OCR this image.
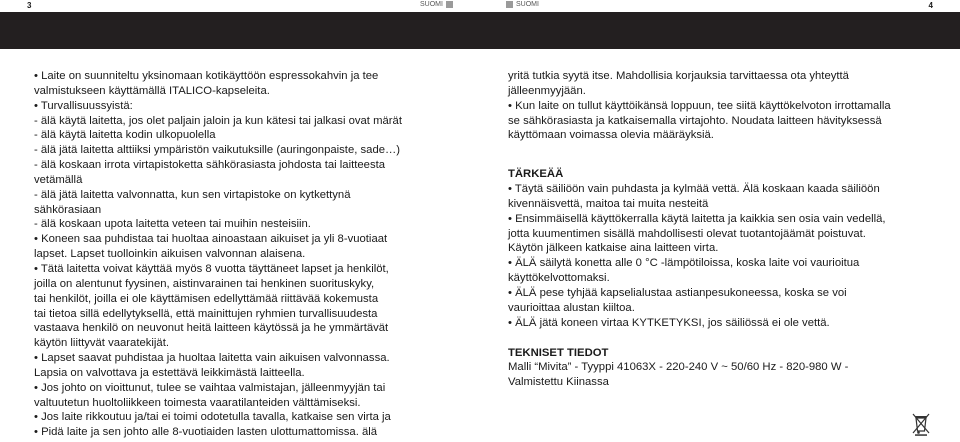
3	SUOMI	SUOMI	4
• Laite on suunniteltu yksinomaan kotikäyttöön espressokahvin ja tee
valmistukseen käyttämällä ITALICO-kapseleita.
• Turvallisuussyistä:
- älä käytä laitetta, jos olet paljain jaloin ja kun kätesi tai jalkasi ovat märät
- älä käytä laitetta kodin ulkopuolella
- älä jätä laitetta alttiiksi ympäristön vaikutuksille (auringonpaiste, sade…)
- älä koskaan irrota virtapistoketta sähkörasiasta johdosta tai laitteesta
vetämällä
- älä jätä laitetta valvonnatta, kun sen virtapistoke on kytkettynä
sähkörasiaan
- älä koskaan upota laitetta veteen tai muihin nesteisiin.
• Koneen saa puhdistaa tai huoltaa ainoastaan aikuiset ja yli 8-vuotiaat
lapset. Lapset tuolloinkin aikuisen valvonnan alaisena.
• Tätä laitetta voivat käyttää myös 8 vuotta täyttäneet lapset ja henkilöt,
joilla on alentunut fyysinen, aistinvarainen tai henkinen suorituskyky,
tai henkilöt, joilla ei ole käyttämisen edellyttämää riittävää kokemusta
tai tietoa sillä edellytyksellä, että mainittujen ryhmien turvallisuudesta
vastaava henkilö on neuvonut heitä laitteen käytössä ja he ymmärtävät
käytön liittyvät vaaratekijät.
• Lapset saavat puhdistaa ja huoltaa laitetta vain aikuisen valvonnassa.
Lapsia on valvottava ja estettävä leikkimästä laitteella.
• Jos johto on vioittunut, tulee se vaihtaa valmistajan, jälleenmyyjän tai
valtuutetun huoltoliikkeen toimesta vaaratilanteiden välttämiseksi.
• Jos laite rikkoutuu ja/tai ei toimi odotetulla tavalla, katkaise sen virta ja
• Pidä laite ja sen johto alle 8-vuotiaiden lasten ulottumattomissa. älä
yritä tutkia syytä itse. Mahdollisia korjauksia tarvittaessa ota yhteyttä
jälleenmyyjään.
• Kun laite on tullut käyttöikänsä loppuun, tee siitä käyttökelvoton irrottamalla
se sähkörasiasta ja katkaisemalla virtajohto. Noudata laitteen hävityksessä
käyttömaan voimassa olevia määräyksiä.
TÄRKEÄÄ
• Täytä säiliöön vain puhdasta ja kylmää vettä. Älä koskaan kaada säiliöön
kivennäisvettä, maitoa tai muita nesteitä
• Ensimmäisellä käyttökerralla käytä laitetta ja kaikkia sen osia vain vedellä,
jotta kuumentimen sisällä mahdollisesti olevat tuotantojäämät poistuvat.
Käytön jälkeen katkaise aina laitteen virta.
• ÄLÄ säilytä konetta alle 0 °C -lämpötiloissa, koska laite voi vaurioitua
käyttökelvottomaksi.
• ÄLÄ pese tyhjää kapselialustaa astianpesukoneessa, koska se voi
vaurioittaa alustan kiiltoa.
• ÄLÄ jätä koneen virtaa KYTKETYKSI, jos säiliössä ei ole vettä.
TEKNISET TIEDOT
Malli “Mivita” - Tyyppi 41063X - 220-240 V ~ 50/60 Hz - 820-980 W -
Valmistettu Kiinassa
